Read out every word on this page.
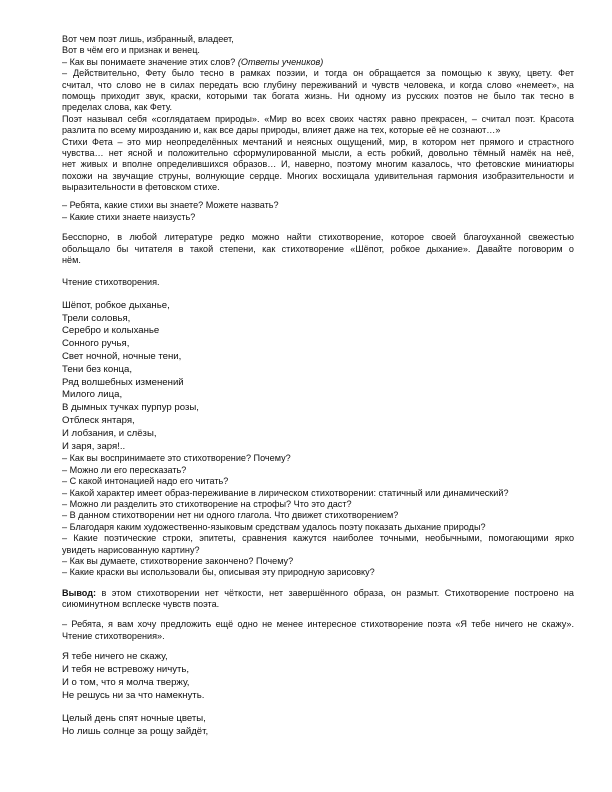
Вот чем поэт лишь, избранный, владеет,
Вот в чём его и признак и венец.
– Как вы понимаете значение этих слов? (Ответы учеников)
– Действительно, Фету было тесно в рамках поэзии, и тогда он обращается за помощью к звуку, цвету. Фет
считал, что слово не в силах передать всю глубину переживаний и чувств человека, и когда слово «немеет», на
помощь приходит звук, краски, которыми так богата жизнь. Ни одному из русских поэтов не было так тесно в
пределах слова, как Фету.
Поэт называл себя «соглядатаем природы». «Мир во всех своих частях равно прекрасен, – считал поэт. Красота
разлита по всему мирозданию и, как все дары природы, влияет даже на тех, которые её не сознают…»
Стихи Фета – это мир неопределённых мечтаний и неясных ощущений, мир, в котором нет прямого и страстного
чувства… нет ясной и положительно сформулированной мысли, а есть робкий, довольно тёмный намёк на неё,
нет живых и вполне определившихся образов… И, наверно, поэтому многим казалось, что фетовские миниатюры
похожи на звучащие струны, волнующие сердце. Многих восхищала удивительная гармония изобразительности и
выразительности в фетовском стихе.
– Ребята, какие стихи вы знаете? Можете назвать?
– Какие стихи знаете наизусть?
Бесспорно, в любой литературе редко можно найти стихотворение, которое своей благоуханной свежестью
обольщало бы читателя в такой степени, как стихотворение «Шёпот, робкое дыхание». Давайте поговорим о
нём.
Чтение стихотворения.
Шёпот, робкое дыханье,
Трели соловья,
Серебро и колыханье
Сонного ручья,
Свет ночной, ночные тени,
Тени без конца,
Ряд волшебных изменений
Милого лица,
В дымных тучках пурпур розы,
Отблеск янтаря,
И лобзания, и слёзы,
И заря, заря!..
– Как вы воспринимаете это стихотворение? Почему?
– Можно ли его пересказать?
– С какой интонацией надо его читать?
– Какой характер имеет образ-переживание в лирическом стихотворении: статичный или динамический?
– Можно ли разделить это стихотворение на строфы? Что это даст?
– В данном стихотворении нет ни одного глагола. Что движет стихотворением?
– Благодаря каким художественно-языковым средствам удалось поэту показать дыхание природы?
– Какие поэтические строки, эпитеты, сравнения кажутся наиболее точными, необычными, помогающими ярко
увидеть нарисованную картину?
– Как вы думаете, стихотворение закончено? Почему?
– Какие краски вы использовали бы, описывая эту природную зарисовку?
Вывод: в этом стихотворении нет чёткости, нет завершённого образа, он размыт. Стихотворение построено на
сиюминутном всплеске чувств поэта.
– Ребята, я вам хочу предложить ещё одно не менее интересное стихотворение поэта «Я тебе ничего не скажу».
Чтение стихотворения».
Я тебе ничего не скажу,
И тебя не встревожу ничуть,
И о том, что я молча твержу,
Не решусь ни за что намекнуть.
Целый день спят ночные цветы,
Но лишь солнце за рощу зайдёт,
